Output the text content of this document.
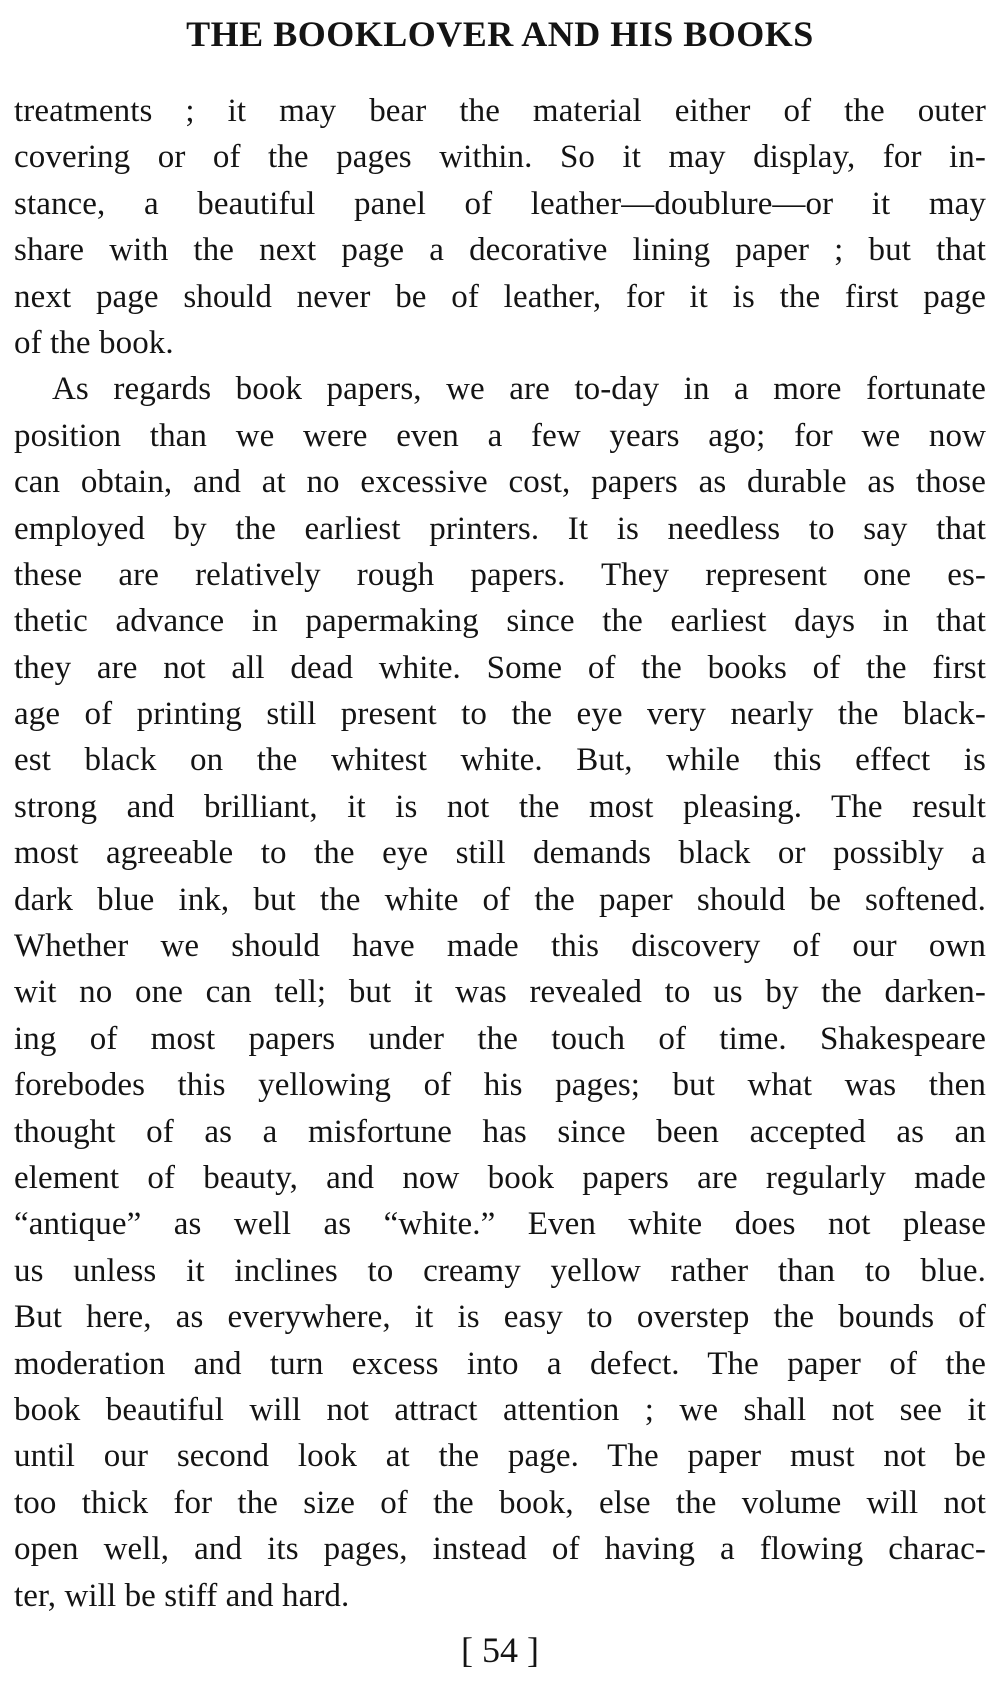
THE BOOKLOVER AND HIS BOOKS
treatments ; it may bear the material either of the outer
covering or of the pages within. So it may display, for in-
stance, a beautiful panel of leather—doublure—or it may
share with the next page a decorative lining paper ; but that
next page should never be of leather, for it is the first page
of the book.
As regards book papers, we are to-day in a more fortunate
position than we were even a few years ago; for we now
can obtain, and at no excessive cost, papers as durable as those
employed by the earliest printers. It is needless to say that
these are relatively rough papers. They represent one es-
thetic advance in papermaking since the earliest days in that
they are not all dead white. Some of the books of the first
age of printing still present to the eye very nearly the black-
est black on the whitest white. But, while this effect is
strong and brilliant, it is not the most pleasing. The result
most agreeable to the eye still demands black or possibly a
dark blue ink, but the white of the paper should be softened.
Whether we should have made this discovery of our own
wit no one can tell; but it was revealed to us by the darken-
ing of most papers under the touch of time. Shakespeare
forebodes this yellowing of his pages; but what was then
thought of as a misfortune has since been accepted as an
element of beauty, and now book papers are regularly made
“antique” as well as “white.” Even white does not please
us unless it inclines to creamy yellow rather than to blue.
But here, as everywhere, it is easy to overstep the bounds of
moderation and turn excess into a defect. The paper of the
book beautiful will not attract attention ; we shall not see it
until our second look at the page. The paper must not be
too thick for the size of the book, else the volume will not
open well, and its pages, instead of having a flowing charac-
ter, will be stiff and hard.
[ 54 ]
